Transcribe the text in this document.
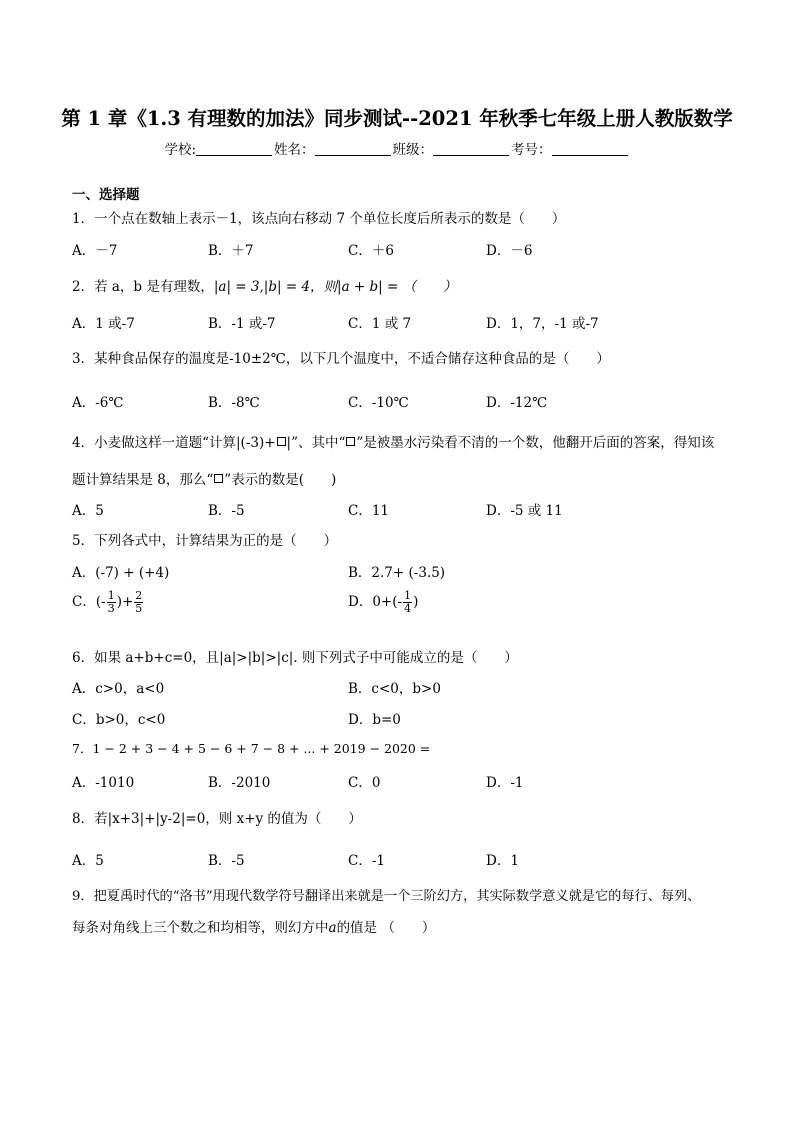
第 1 章《1.3 有理数的加法》同步测试--2021 年秋季七年级上册人教版数学
学校:	姓名：	班级：	考号：
一、选择题
1．一个点在数轴上表示－1，该点向右移动 7 个单位长度后所表示的数是（　　）
A．－7	B．＋7	C．＋6	D．－6
2．若 a，b 是有理数，|a| = 3,|b| = 4，则|a + b| = （　　）
A．1 或-7	B．-1 或-7	C．1 或 7	D．1，7，-1 或-7
3．某种食品保存的温度是-10±2℃，以下几个温度中，不适合储存这种食品的是（　　）
A．-6℃	B．-8℃	C．-10℃	D．-12℃
4．小麦做这样一道题“计算|(-3)+ |”、其中“ ”是被墨水污染看不清的一个数，他翻开后面的答案，得知该
题计算结果是 8，那么“ ”表示的数是(　　)
A．5	B．-5	C．11	D．-5 或 11
5．下列各式中，计算结果为正的是（　　）
A．(-7) + (+4)	B．2.7+ (-3.5)
C．(- $\frac{1}{3}$ )+ $\frac{2}{5}$	D．$0+(- \frac{1}{4}$ )
6．如果 a+b+c=0，且|a|>|b|>|c|. 则下列式子中可能成立的是（　　）
A．c>0，a<0	B．c<0，b>0
C．b>0，c<0	D．b=0
7．1 − 2 + 3 − 4 + 5 − 6 + 7 − 8 + ... + 2019 − 2020 =
A．-1010	B．-2010	C．0	D．-1
8．若|x+3|+|y-2|=0，则 x+y 的值为（　　）
A．5	B．-5	C．-1	D．1
9．把夏禹时代的“洛书”用现代数学符号翻译出来就是一个三阶幻方，其实际数学意义就是它的每行、每列、
每条对角线上三个数之和均相等，则幻方中a的值是 （　　）
